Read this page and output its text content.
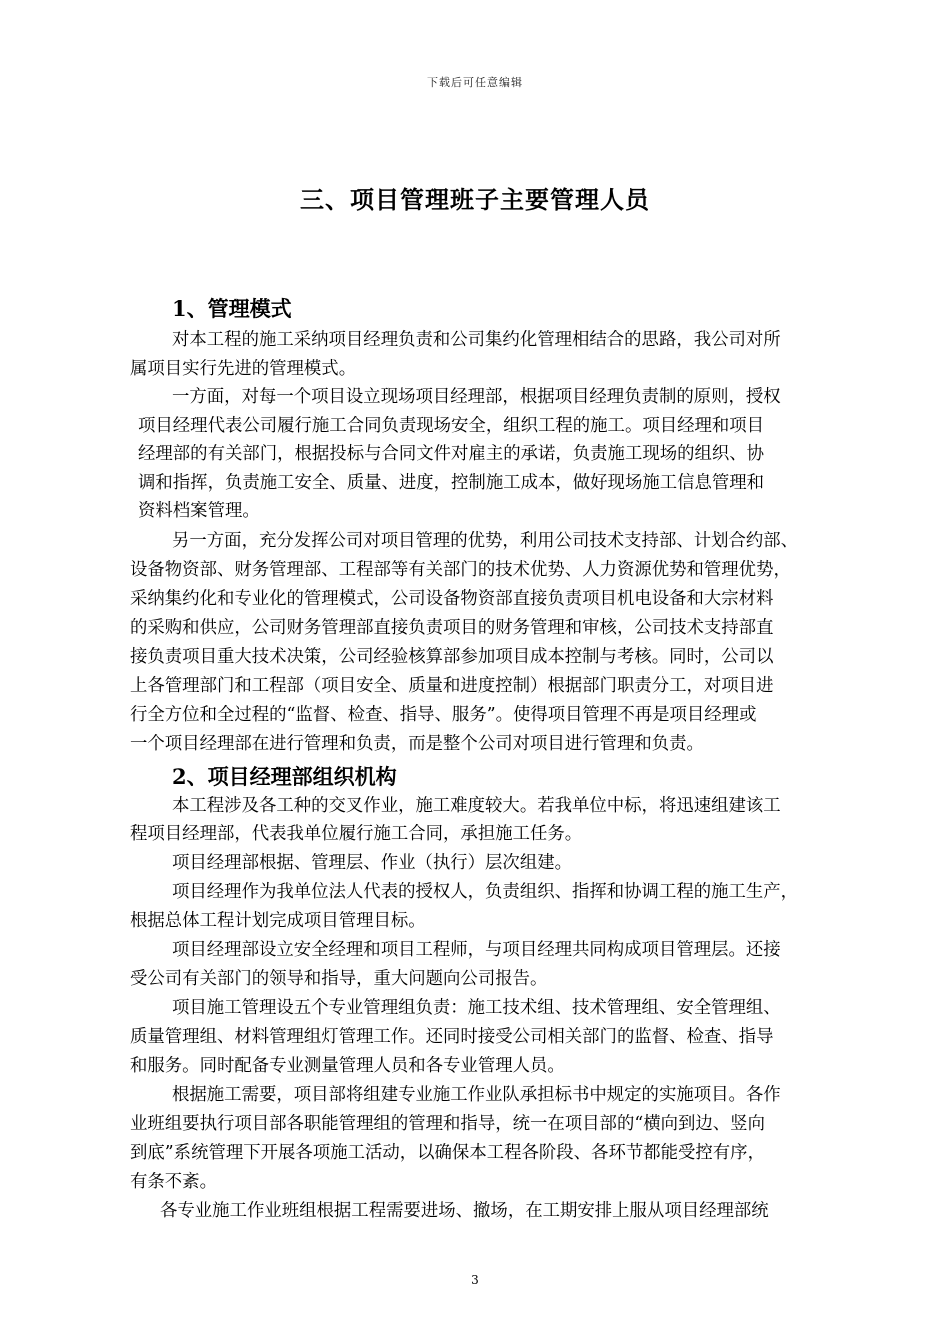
下载后可任意编辑
三、项目管理班子主要管理人员
1、管理模式

对本工程的施工采纳项目经理负责和公司集约化管理相结合的思路，我公司对所

属项目实行先进的管理模式。

一方面，对每一个项目设立现场项目经理部，根据项目经理负责制的原则，授权

项目经理代表公司履行施工合同负责现场安全，组织工程的施工。项目经理和项目

经理部的有关部门，根据投标与合同文件对雇主的承诺，负责施工现场的组织、协

调和指挥，负责施工安全、质量、进度，控制施工成本，做好现场施工信息管理和

资料档案管理。

另一方面，充分发挥公司对项目管理的优势，利用公司技术支持部、计划合约部、

设备物资部、财务管理部、工程部等有关部门的技术优势、人力资源优势和管理优势，

采纳集约化和专业化的管理模式，公司设备物资部直接负责项目机电设备和大宗材料

的采购和供应，公司财务管理部直接负责项目的财务管理和审核，公司技术支持部直

接负责项目重大技术决策，公司经验核算部参加项目成本控制与考核。同时，公司以

上各管理部门和工程部（项目安全、质量和进度控制）根据部门职责分工，对项目进

行全方位和全过程的“监督、检查、指导、服务”。使得项目管理不再是项目经理或

一个项目经理部在进行管理和负责，而是整个公司对项目进行管理和负责。

2、项目经理部组织机构

本工程涉及各工种的交叉作业，施工难度较大。若我单位中标，将迅速组建该工

程项目经理部，代表我单位履行施工合同，承担施工任务。

项目经理部根据、管理层、作业（执行）层次组建。

项目经理作为我单位法人代表的授权人，负责组织、指挥和协调工程的施工生产，

根据总体工程计划完成项目管理目标。

项目经理部设立安全经理和项目工程师，与项目经理共同构成项目管理层。还接

受公司有关部门的领导和指导，重大问题向公司报告。

项目施工管理设五个专业管理组负责：施工技术组、技术管理组、安全管理组、

质量管理组、材料管理组灯管理工作。还同时接受公司相关部门的监督、检查、指导

和服务。同时配备专业测量管理人员和各专业管理人员。

根据施工需要，项目部将组建专业施工作业队承担标书中规定的实施项目。各作

业班组要执行项目部各职能管理组的管理和指导，统一在项目部的“横向到边、竖向

到底”系统管理下开展各项施工活动，以确保本工程各阶段、各环节都能受控有序，

有条不紊。

各专业施工作业班组根据工程需要进场、撤场，在工期安排上服从项目经理部统

3
